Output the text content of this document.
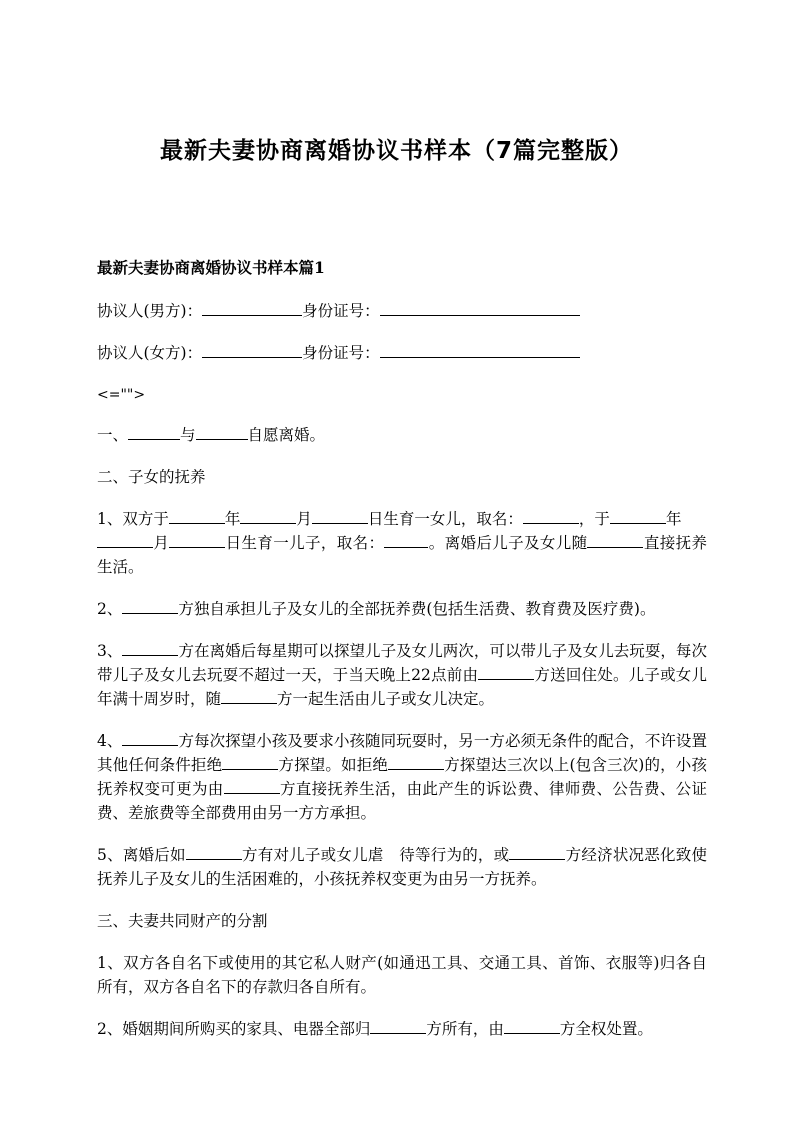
最新夫妻协商离婚协议书样本（7篇完整版）
最新夫妻协商离婚协议书样本篇1
协议人(男方)：	身份证号：
协议人(女方)：	身份证号：
<="">
一、	与	自愿离婚。
二、子女的抚养
1、双方于	年	月	日生育一女儿，取名：	，于	年
月	日生育一儿子，取名：	。离婚后儿子及女儿随	直接抚养生活。
2、	方独自承担儿子及女儿的全部抚养费(包括生活费、教育费及医疗费)。
3、	方在离婚后每星期可以探望儿子及女儿两次，可以带儿子及女儿去玩耍，每次带儿子及女儿去玩耍不超过一天，于当天晚上22点前由	方送回住处。儿子或女儿年满十周岁时，随	方一起生活由儿子或女儿决定。
4、	方每次探望小孩及要求小孩随同玩耍时，另一方必须无条件的配合，不许设置其他任何条件拒绝	方探望。如拒绝	方探望达三次以上(包含三次)的，小孩抚养权变可更为由	方直接抚养生活，由此产生的诉讼费、律师费、公告费、公证费、差旅费等全部费用由另一方方承担。
5、离婚后如	方有对儿子或女儿虐　待等行为的，或	方经济状况恶化致使抚养儿子及女儿的生活困难的，小孩抚养权变更为由另一方抚养。
三、夫妻共同财产的分割
1、双方各自名下或使用的其它私人财产(如通迅工具、交通工具、首饰、衣服等)归各自所有，双方各自名下的存款归各自所有。
2、婚姻期间所购买的家具、电器全部归	方所有，由	方全权处置。
